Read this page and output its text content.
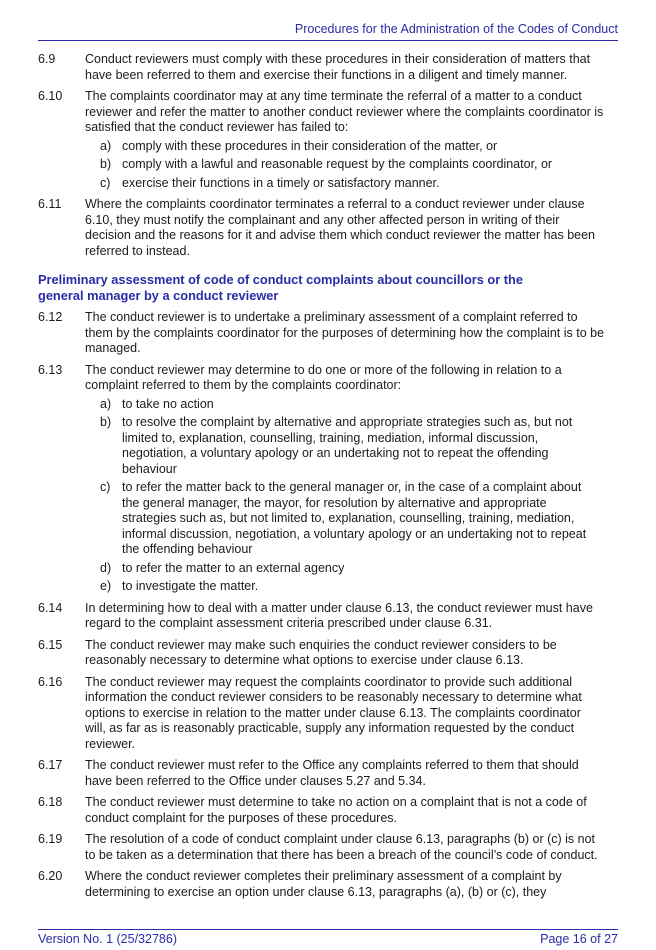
Procedures for the Administration of the Codes of Conduct
6.9	Conduct reviewers must comply with these procedures in their consideration of matters that have been referred to them and exercise their functions in a diligent and timely manner.
6.10	The complaints coordinator may at any time terminate the referral of a matter to a conduct reviewer and refer the matter to another conduct reviewer where the complaints coordinator is satisfied that the conduct reviewer has failed to:
a) comply with these procedures in their consideration of the matter, or
b) comply with a lawful and reasonable request by the complaints coordinator, or
c) exercise their functions in a timely or satisfactory manner.
6.11	Where the complaints coordinator terminates a referral to a conduct reviewer under clause 6.10, they must notify the complainant and any other affected person in writing of their decision and the reasons for it and advise them which conduct reviewer the matter has been referred to instead.
Preliminary assessment of code of conduct complaints about councillors or the
general manager by a conduct reviewer
6.12	The conduct reviewer is to undertake a preliminary assessment of a complaint referred to them by the complaints coordinator for the purposes of determining how the complaint is to be managed.
6.13	The conduct reviewer may determine to do one or more of the following in relation to a complaint referred to them by the complaints coordinator:
a) to take no action
b) to resolve the complaint by alternative and appropriate strategies such as, but not limited to, explanation, counselling, training, mediation, informal discussion, negotiation, a voluntary apology or an undertaking not to repeat the offending behaviour
c) to refer the matter back to the general manager or, in the case of a complaint about the general manager, the mayor, for resolution by alternative and appropriate strategies such as, but not limited to, explanation, counselling, training, mediation, informal discussion, negotiation, a voluntary apology or an undertaking not to repeat the offending behaviour
d) to refer the matter to an external agency
e) to investigate the matter.
6.14	In determining how to deal with a matter under clause 6.13, the conduct reviewer must have regard to the complaint assessment criteria prescribed under clause 6.31.
6.15	The conduct reviewer may make such enquiries the conduct reviewer considers to be reasonably necessary to determine what options to exercise under clause 6.13.
6.16	The conduct reviewer may request the complaints coordinator to provide such additional information the conduct reviewer considers to be reasonably necessary to determine what options to exercise in relation to the matter under clause 6.13. The complaints coordinator will, as far as is reasonably practicable, supply any information requested by the conduct reviewer.
6.17	The conduct reviewer must refer to the Office any complaints referred to them that should have been referred to the Office under clauses 5.27 and 5.34.
6.18	The conduct reviewer must determine to take no action on a complaint that is not a code of conduct complaint for the purposes of these procedures.
6.19	The resolution of a code of conduct complaint under clause 6.13, paragraphs (b) or (c) is not to be taken as a determination that there has been a breach of the council’s code of conduct.
6.20	Where the conduct reviewer completes their preliminary assessment of a complaint by determining to exercise an option under clause 6.13, paragraphs (a), (b) or (c), they
Version No. 1 (25/32786)	Page 16 of 27
